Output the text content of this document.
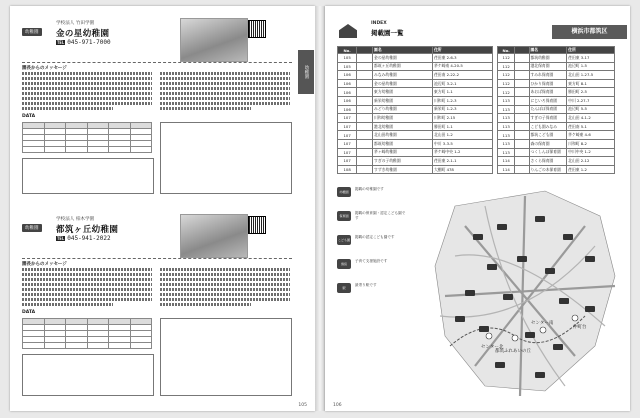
幼稚園
学校法人 竹田学園
金の星幼稚園
TEL 045-971-7000
園長からのメッセージ
DATA

幼稚園
学校法人 柏木学園
都筑ヶ丘幼稚園
TEL 045-941-2022
園長からのメッセージ
DATA

幼稚園
105
INDEX
掲載園一覧	横浜市都筑区
No.		園名	住所
105		金の星幼稚園	荏田東 2-6-3
105		都筑ヶ丘幼稚園	茅ケ崎南 4-20-5
106		みなみ幼稚園	荏田南 2-22-2
106		金の星幼稚園	池辺町 3-2-1
106		東方幼稚園	東方町 1-1
106		新栄幼稚園	川和町 1-2-3
106		みどり幼稚園	新栄町 1-2-3
107		川和幼稚園	川和町 2-15
107		港北幼稚園	勝田町 1-1
107		北山田幼稚園	北山田 1-2
107		都筑幼稚園	中川 3-3-5
107		茅ヶ崎幼稚園	茅ケ崎中央 1-2
107		すぎの子幼稚園	荏田東 2-1-1
108		すずき幼稚園	大棚町 478
No.		園名	住所
112		都筑幼稚園	荏田東 3-17
112		港北保育園	池辺町 1-5
112		すみれ保育園	北山田 1-27-5
112		ひかり保育園	東方町 8-1
112		あおば保育園	勝田町 2-5
113		にじいろ保育園	中川 2-27-7
113		たんぽぽ保育園	池辺町 5-5
113		すぎの子保育園	北山田 4-1-2
113		こども園みなみ	荏田南 5-1
113		都筑こども園	茅ケ崎東 4-6
113		森の保育園	川和町 8-2
113		つくしんぼ保育園	中川中央 1-2
114		さくら保育園	北山田 2-12
114		りんごの木保育園	荏田東 1-2
幼稚園
掲載の幼稚園です
保育園
掲載の保育園・認定こども園です
こども園
掲載の認定こども園です
施設
子育て支援施設です
駅
最寄り駅です
センター北
センター南
仲町台
都筑ふれあいの丘
106
